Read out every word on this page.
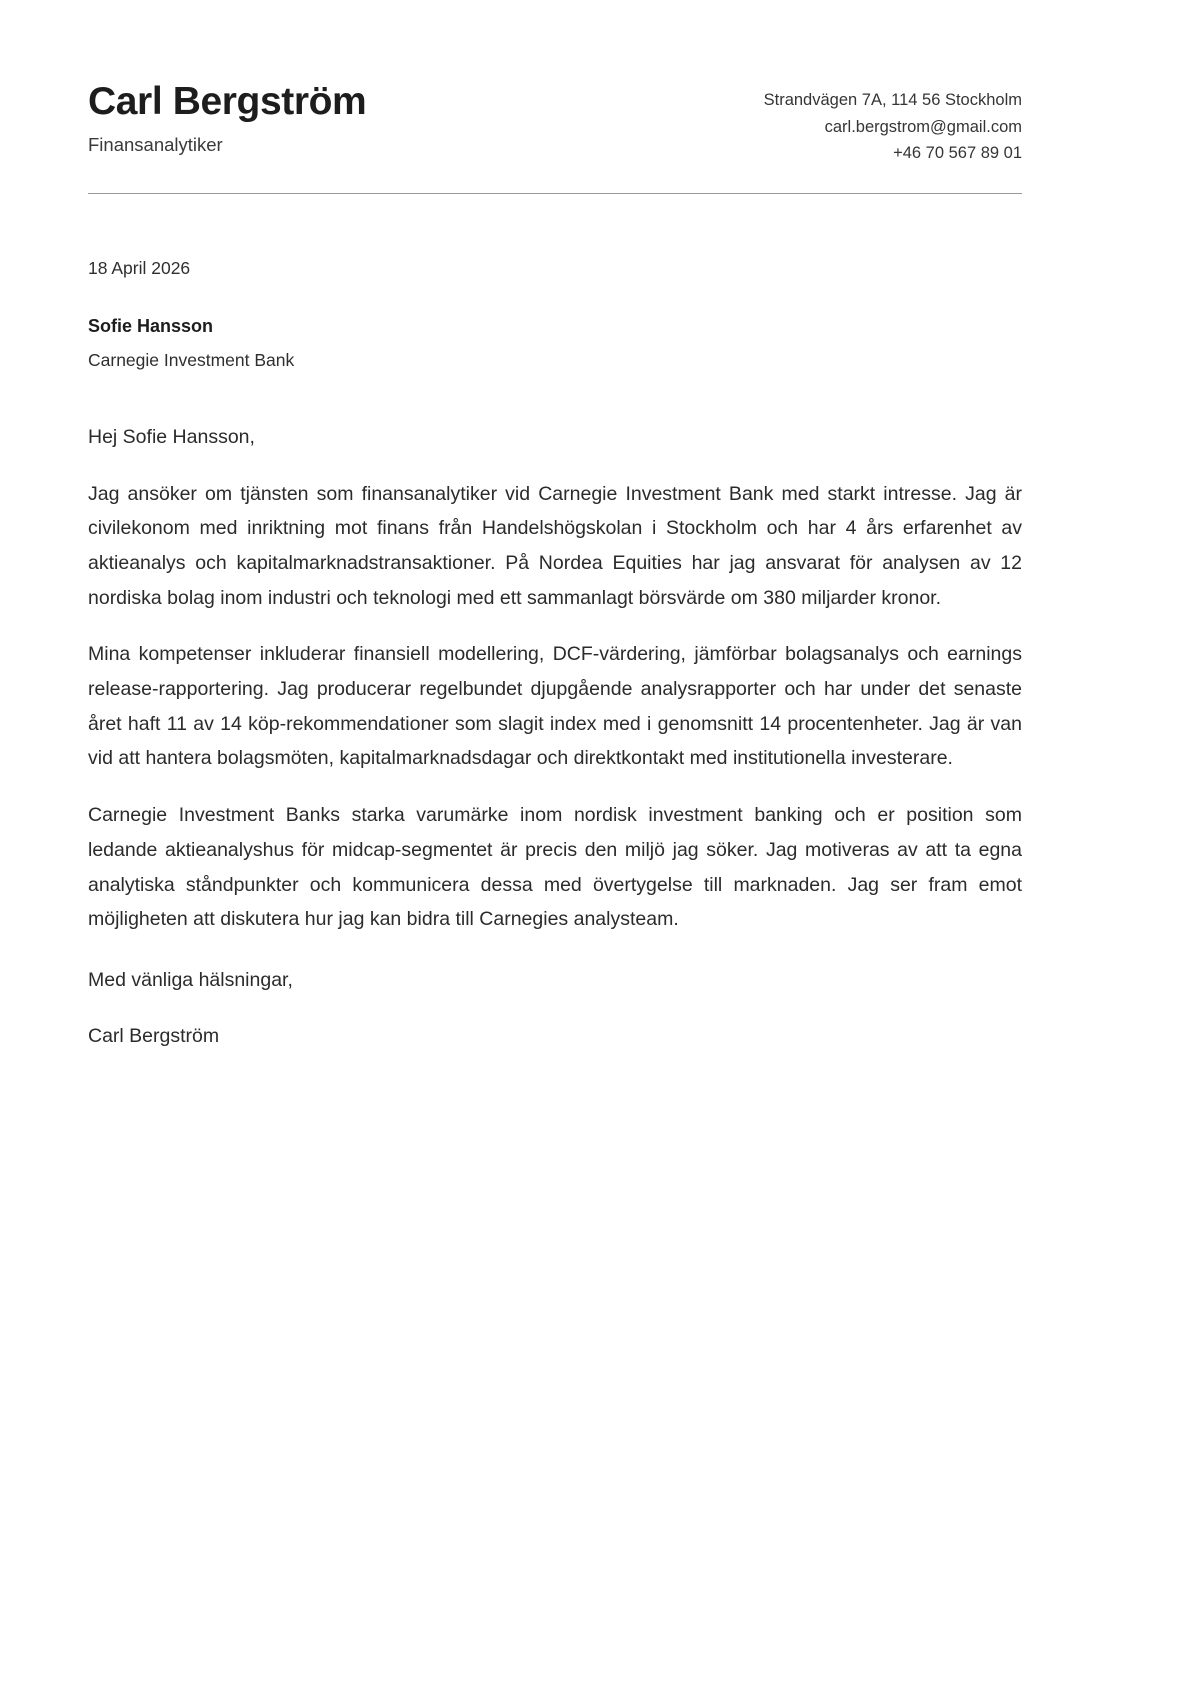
Carl Bergström
Finansanalytiker
Strandvägen 7A, 114 56 Stockholm
carl.bergstrom@gmail.com
+46 70 567 89 01
18 April 2026
Sofie Hansson
Carnegie Investment Bank
Hej Sofie Hansson,

Jag ansöker om tjänsten som finansanalytiker vid Carnegie Investment Bank med starkt intresse. Jag är civilekonom med inriktning mot finans från Handelshögskolan i Stockholm och har 4 års erfarenhet av aktieanalys och kapitalmarknadstransaktioner. På Nordea Equities har jag ansvarat för analysen av 12 nordiska bolag inom industri och teknologi med ett sammanlagt börsvärde om 380 miljarder kronor.

Mina kompetenser inkluderar finansiell modellering, DCF-värdering, jämförbar bolagsanalys och earnings release-rapportering. Jag producerar regelbundet djupgående analysrapporter och har under det senaste året haft 11 av 14 köp-rekommendationer som slagit index med i genomsnitt 14 procentenheter. Jag är van vid att hantera bolagsmöten, kapitalmarknadsdagar och direktkontakt med institutionella investerare.

Carnegie Investment Banks starka varumärke inom nordisk investment banking och er position som ledande aktieanalyshus för midcap-segmentet är precis den miljö jag söker. Jag motiveras av att ta egna analytiska ståndpunkter och kommunicera dessa med övertygelse till marknaden. Jag ser fram emot möjligheten att diskutera hur jag kan bidra till Carnegies analysteam.

Med vänliga hälsningar,
Carl Bergström
